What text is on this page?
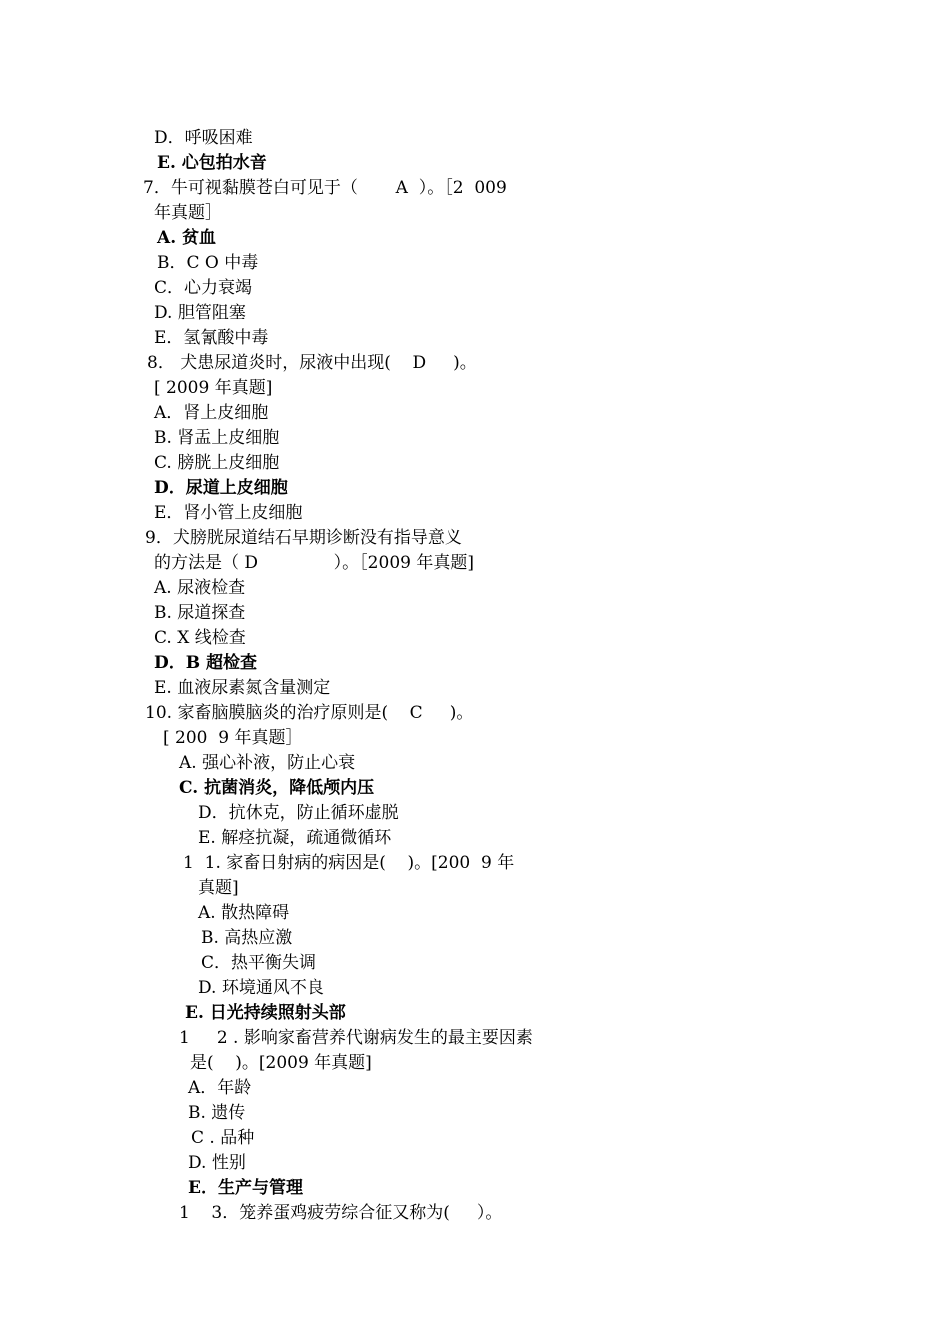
D．呼吸困难
E. 心包拍水音
7．牛可视黏膜苍白可见于（       A  ）。［2  009
年真题］
A. 贫血
B．C O 中毒
C．心力衰竭
D. 胆管阻塞
E．氢氰酸中毒
8． 犬患尿道炎时，尿液中出现(    D     )。
[ 2009 年真题]
A．肾上皮细胞
B. 肾盂上皮细胞
C. 膀胱上皮细胞
D．尿道上皮细胞
E．肾小管上皮细胞
9．犬膀胱尿道结石早期诊断没有指导意义
的方法是（ D              ）。［2009 年真题]
A. 尿液检查
B. 尿道探查
C. X 线检查
D．B 超检查
E. 血液尿素氮含量测定
10. 家畜脑膜脑炎的治疗原则是(    C     )。
[ 200  9 年真题］
A. 强心补液，防止心衰
C. 抗菌消炎，降低颅内压
D．抗休克，防止循环虚脱
E. 解痉抗凝，疏通微循环
1  1. 家畜日射病的病因是(    )。[200  9 年
真题]
A. 散热障碍
B. 高热应激
C．热平衡失调
D. 环境通风不良
E. 日光持续照射头部
1     2 . 影响家畜营养代谢病发生的最主要因素
是(    )。[2009 年真题]
A．年龄
B. 遗传
C . 品种
D. 性别
E．生产与管理
1    3．笼养蛋鸡疲劳综合征又称为(     ）。
